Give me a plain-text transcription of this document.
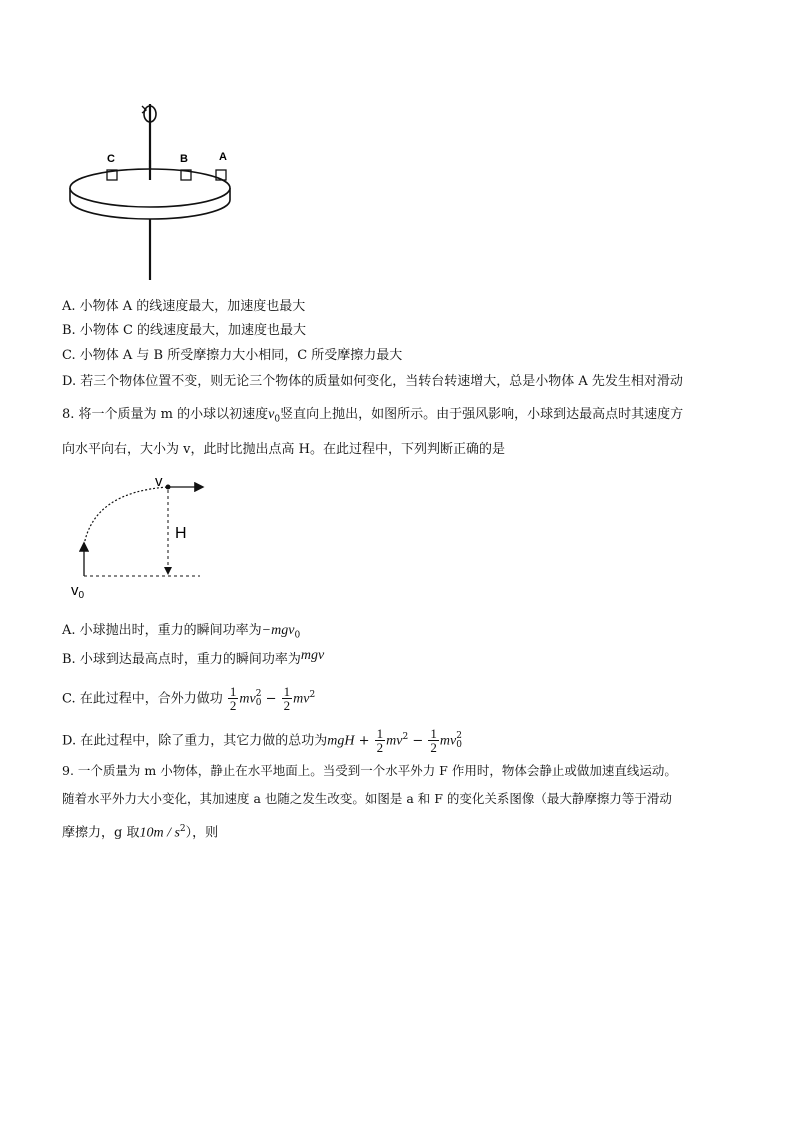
C	B	A
A. 小物体 A 的线速度最大，加速度也最大
B. 小物体 C 的线速度最大，加速度也最大
C. 小物体 A 与 B 所受摩擦力大小相同，C 所受摩擦力最大
D. 若三个物体位置不变，则无论三个物体的质量如何变化，当转台转速增大，总是小物体 A 先发生相对滑动
8. 将一个质量为 m 的小球以初速度$v_0$竖直向上抛出，如图所示。由于强风影响，小球到达最高点时其速度方
向水平向右，大小为 v，此时比抛出点高 H。在此过程中，下列判断正确的是
v
H
$v_0$
A. 小球抛出时，重力的瞬间功率为−mgv$_0$
B. 小球到达最高点时，重力的瞬间功率为mgv
C. 在此过程中，合外力做功 $\frac{1}{2}$ mv 2
$0 - \frac{1}{2} mv^2$
D. 在此过程中，除了重力，其它力做的总功为mgH + $\frac{1}{2} mv^2 - \frac{1}{2}$ mv 2
0
9. 一个质量为 m 小物体，静止在水平地面上。当受到一个水平外力 F 作用时，物体会静止或做加速直线运动。
随着水平外力大小变化，其加速度 a 也随之发生改变。如图是 a 和 F 的变化关系图像（最大静摩擦力等于滑动
摩擦力，g 取$10m / s^2$），则
